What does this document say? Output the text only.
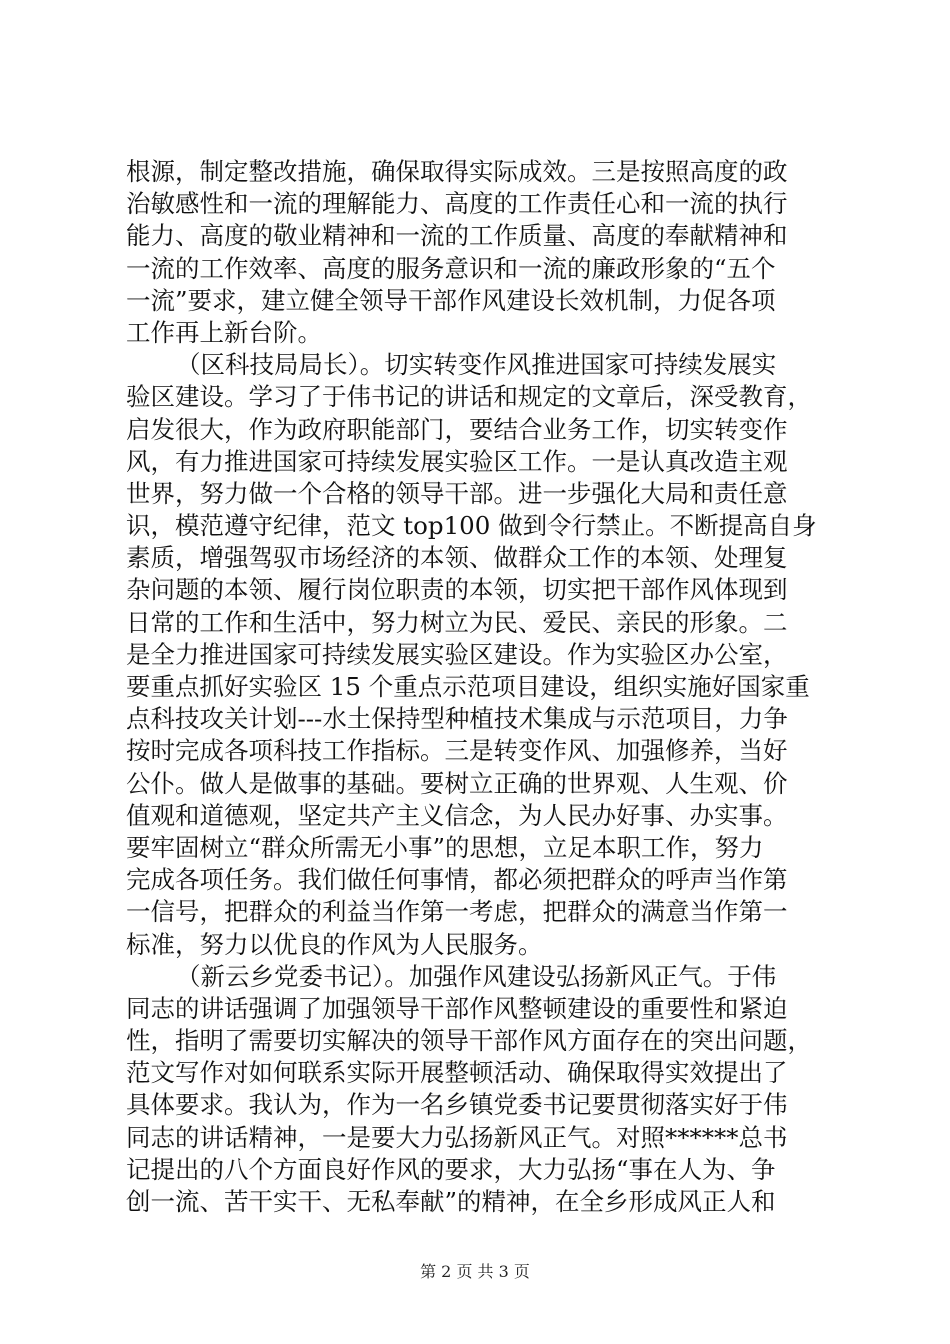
根源，制定整改措施，确保取得实际成效。三是按照高度的政
治敏感性和一流的理解能力、高度的工作责任心和一流的执行
能力、高度的敬业精神和一流的工作质量、高度的奉献精神和
一流的工作效率、高度的服务意识和一流的廉政形象的“五个
一流”要求，建立健全领导干部作风建设长效机制，力促各项
工作再上新台阶。
（区科技局局长）。切实转变作风推进国家可持续发展实
验区建设。学习了于伟书记的讲话和规定的文章后，深受教育，
启发很大，作为政府职能部门，要结合业务工作，切实转变作
风，有力推进国家可持续发展实验区工作。一是认真改造主观
世界，努力做一个合格的领导干部。进一步强化大局和责任意
识，模范遵守纪律，范文 top100 做到令行禁止。不断提高自身
素质，增强驾驭市场经济的本领、做群众工作的本领、处理复
杂问题的本领、履行岗位职责的本领，切实把干部作风体现到
日常的工作和生活中，努力树立为民、爱民、亲民的形象。二
是全力推进国家可持续发展实验区建设。作为实验区办公室，
要重点抓好实验区 15 个重点示范项目建设，组织实施好国家重
点科技攻关计划---水土保持型种植技术集成与示范项目，力争
按时完成各项科技工作指标。三是转变作风、加强修养，当好
公仆。做人是做事的基础。要树立正确的世界观、人生观、价
值观和道德观，坚定共产主义信念，为人民办好事、办实事。
要牢固树立“群众所需无小事”的思想，立足本职工作，努力
完成各项任务。我们做任何事情，都必须把群众的呼声当作第
一信号，把群众的利益当作第一考虑，把群众的满意当作第一
标准，努力以优良的作风为人民服务。
（新云乡党委书记）。加强作风建设弘扬新风正气。于伟
同志的讲话强调了加强领导干部作风整顿建设的重要性和紧迫
性，指明了需要切实解决的领导干部作风方面存在的突出问题，
范文写作对如何联系实际开展整顿活动、确保取得实效提出了
具体要求。我认为，作为一名乡镇党委书记要贯彻落实好于伟
同志的讲话精神，一是要大力弘扬新风正气。对照******总书
记提出的八个方面良好作风的要求，大力弘扬“事在人为、争
创一流、苦干实干、无私奉献”的精神，在全乡形成风正人和
第 2 页 共 3 页
